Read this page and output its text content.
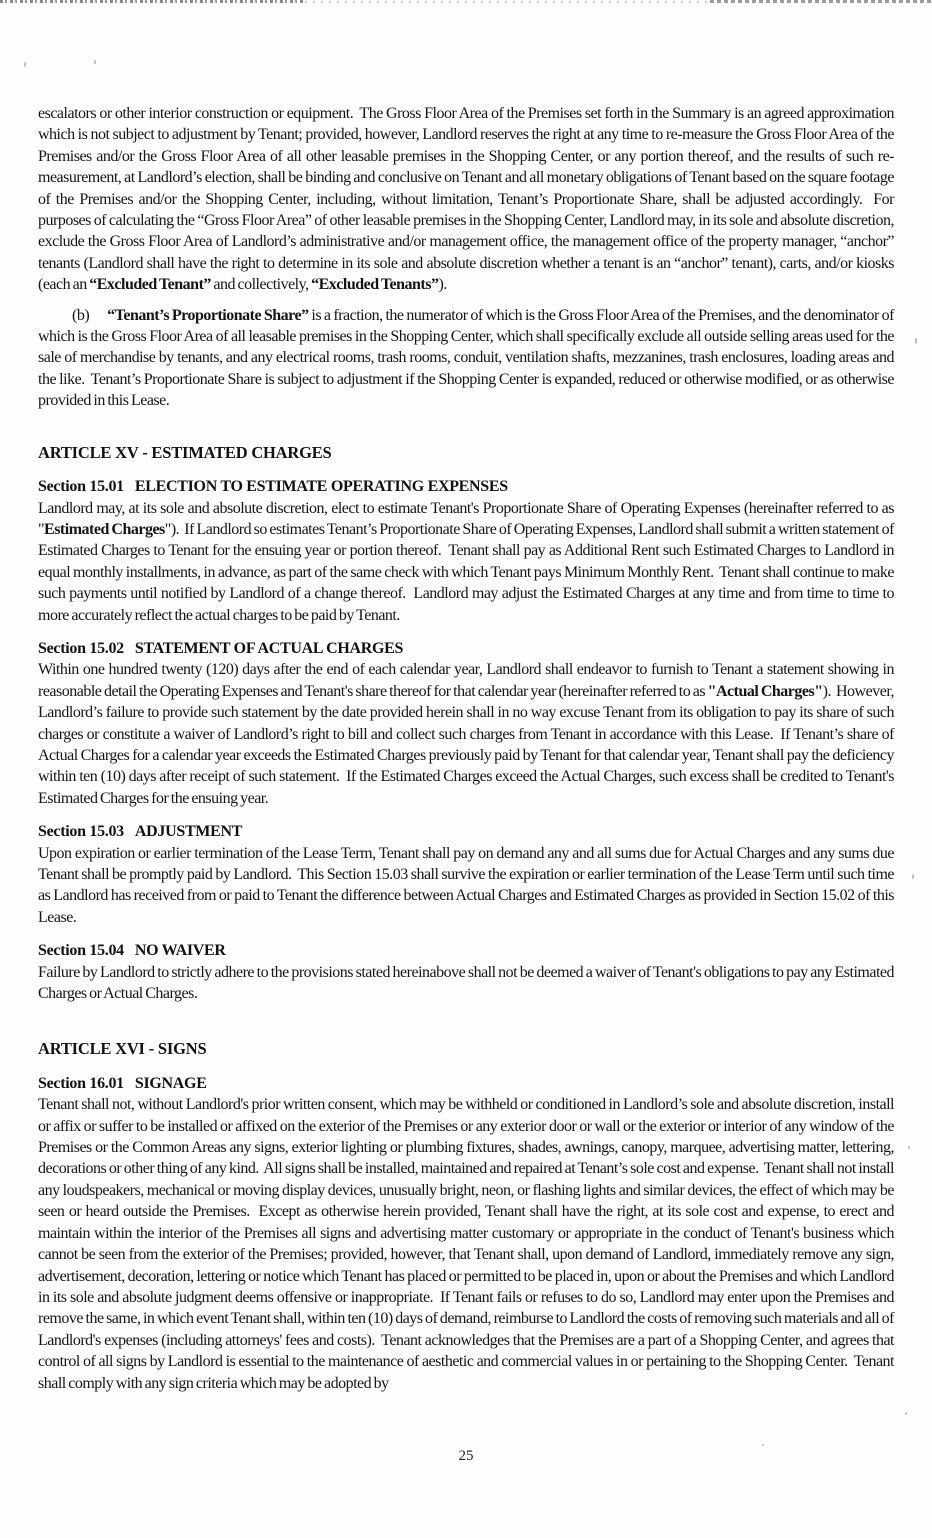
escalators or other interior construction or equipment.  The Gross Floor Area of the Premises set forth in the Summary is an agreed approximation which is not subject to adjustment by Tenant; provided, however, Landlord reserves the right at any time to re-measure the Gross Floor Area of the Premises and/or the Gross Floor Area of all other leasable premises in the Shopping Center, or any portion thereof, and the results of such re-measurement, at Landlord’s election, shall be binding and conclusive on Tenant and all monetary obligations of Tenant based on the square footage of the Premises and/or the Shopping Center, including, without limitation, Tenant’s Proportionate Share, shall be adjusted accordingly.  For purposes of calculating the “Gross Floor Area” of other leasable premises in the Shopping Center, Landlord may, in its sole and absolute discretion, exclude the Gross Floor Area of Landlord’s administrative and/or management office, the management office of the property manager, “anchor” tenants (Landlord shall have the right to determine in its sole and absolute discretion whether a tenant is an “anchor” tenant), carts, and/or kiosks (each an “Excluded Tenant” and collectively, “Excluded Tenants”).

(b) “Tenant’s Proportionate Share” is a fraction, the numerator of which is the Gross Floor Area of the Premises, and the denominator of which is the Gross Floor Area of all leasable premises in the Shopping Center, which shall specifically exclude all outside selling areas used for the sale of merchandise by tenants, and any electrical rooms, trash rooms, conduit, ventilation shafts, mezzanines, trash enclosures, loading areas and the like.  Tenant’s Proportionate Share is subject to adjustment if the Shopping Center is expanded, reduced or otherwise modified, or as otherwise provided in this Lease.

ARTICLE XV - ESTIMATED CHARGES
Section 15.01 ELECTION TO ESTIMATE OPERATING EXPENSES

Landlord may, at its sole and absolute discretion, elect to estimate Tenant's Proportionate Share of Operating Expenses (hereinafter referred to as "Estimated Charges").  If Landlord so estimates Tenant’s Proportionate Share of Operating Expenses, Landlord shall submit a written statement of Estimated Charges to Tenant for the ensuing year or portion thereof.  Tenant shall pay as Additional Rent such Estimated Charges to Landlord in equal monthly installments, in advance, as part of the same check with which Tenant pays Minimum Monthly Rent.  Tenant shall continue to make such payments until notified by Landlord of a change thereof.  Landlord may adjust the Estimated Charges at any time and from time to time to more accurately reflect the actual charges to be paid by Tenant.

Section 15.02 STATEMENT OF ACTUAL CHARGES

Within one hundred twenty (120) days after the end of each calendar year, Landlord shall endeavor to furnish to Tenant a statement showing in reasonable detail the Operating Expenses and Tenant's share thereof for that calendar year (hereinafter referred to as "Actual Charges").  However, Landlord’s failure to provide such statement by the date provided herein shall in no way excuse Tenant from its obligation to pay its share of such charges or constitute a waiver of Landlord’s right to bill and collect such charges from Tenant in accordance with this Lease.  If Tenant’s share of Actual Charges for a calendar year exceeds the Estimated Charges previously paid by Tenant for that calendar year, Tenant shall pay the deficiency within ten (10) days after receipt of such statement.  If the Estimated Charges exceed the Actual Charges, such excess shall be credited to Tenant's Estimated Charges for the ensuing year.

Section 15.03 ADJUSTMENT

Upon expiration or earlier termination of the Lease Term, Tenant shall pay on demand any and all sums due for Actual Charges and any sums due Tenant shall be promptly paid by Landlord.  This Section 15.03 shall survive the expiration or earlier termination of the Lease Term until such time as Landlord has received from or paid to Tenant the difference between Actual Charges and Estimated Charges as provided in Section 15.02 of this Lease.

Section 15.04 NO WAIVER

Failure by Landlord to strictly adhere to the provisions stated hereinabove shall not be deemed a waiver of Tenant's obligations to pay any Estimated Charges or Actual Charges.

ARTICLE XVI - SIGNS
Section 16.01 SIGNAGE

Tenant shall not, without Landlord's prior written consent, which may be withheld or conditioned in Landlord’s sole and absolute discretion, install or affix or suffer to be installed or affixed on the exterior of the Premises or any exterior door or wall or the exterior or interior of any window of the Premises or the Common Areas any signs, exterior lighting or plumbing fixtures, shades, awnings, canopy, marquee, advertising matter, lettering, decorations or other thing of any kind.  All signs shall be installed, maintained and repaired at Tenant’s sole cost and expense.  Tenant shall not install any loudspeakers, mechanical or moving display devices, unusually bright, neon, or flashing lights and similar devices, the effect of which may be seen or heard outside the Premises.  Except as otherwise herein provided, Tenant shall have the right, at its sole cost and expense, to erect and maintain within the interior of the Premises all signs and advertising matter customary or appropriate in the conduct of Tenant's business which cannot be seen from the exterior of the Premises; provided, however, that Tenant shall, upon demand of Landlord, immediately remove any sign, advertisement, decoration, lettering or notice which Tenant has placed or permitted to be placed in, upon or about the Premises and which Landlord in its sole and absolute judgment deems offensive or inappropriate.  If Tenant fails or refuses to do so, Landlord may enter upon the Premises and remove the same, in which event Tenant shall, within ten (10) days of demand, reimburse to Landlord the costs of removing such materials and all of Landlord's expenses (including attorneys' fees and costs).  Tenant acknowledges that the Premises are a part of a Shopping Center, and agrees that control of all signs by Landlord is essential to the maintenance of aesthetic and commercial values in or pertaining to the Shopping Center.  Tenant shall comply with any sign criteria which may be adopted by

25
